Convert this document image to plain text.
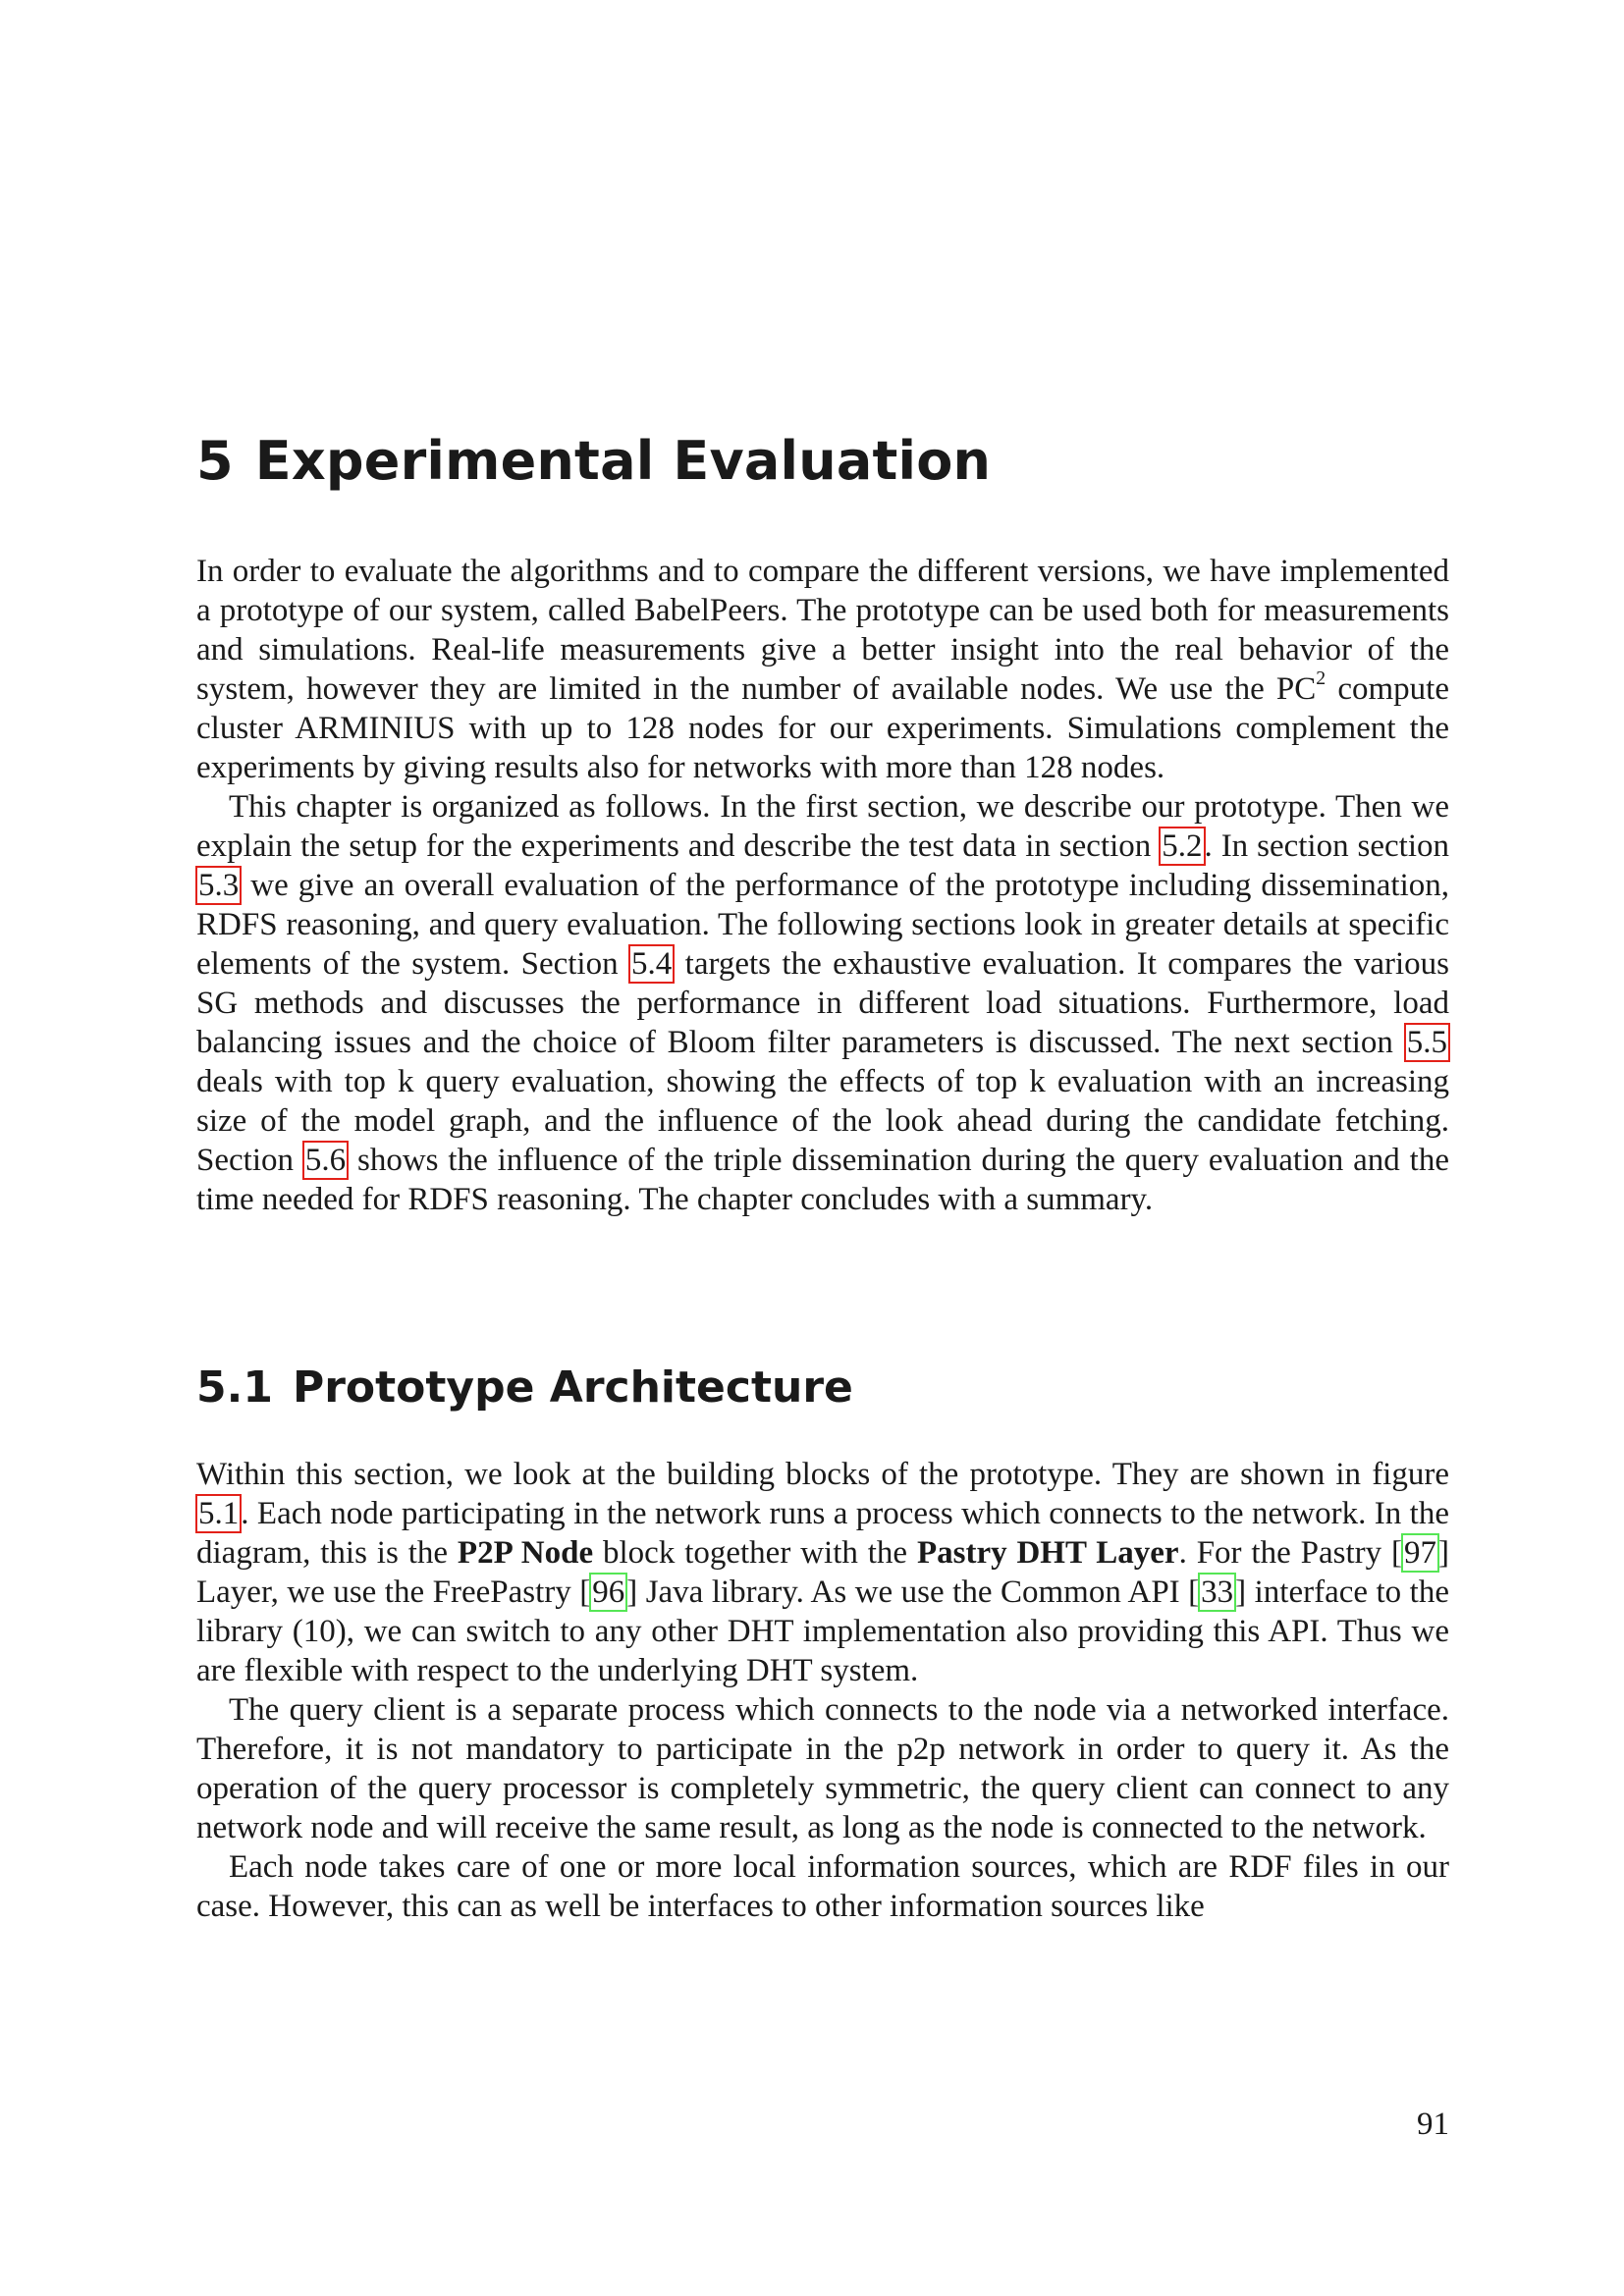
5 Experimental Evaluation

In order to evaluate the algorithms and to compare the different versions, we have implemented a prototype of our system, called BabelPeers. The prototype can be used both for measurements and simulations. Real-life measurements give a better insight into the real behavior of the system, however they are limited in the number of available nodes. We use the $PC^2$ compute cluster ARMINIUS with up to 128 nodes for our experiments. Simulations complement the experiments by giving results also for networks with more than 128 nodes.

This chapter is organized as follows. In the first section, we describe our prototype. Then we explain the setup for the experiments and describe the test data in section 5.2. In section section 5.3 we give an overall evaluation of the performance of the prototype including dissemination, RDFS reasoning, and query evaluation. The following sections look in greater details at specific elements of the system. Section 5.4 targets the exhaustive evaluation. It compares the various SG methods and discusses the performance in different load situations. Furthermore, load balancing issues and the choice of Bloom filter parameters is discussed. The next section 5.5 deals with top k query evaluation, showing the effects of top k evaluation with an increasing size of the model graph, and the influence of the look ahead during the candidate fetching. Section 5.6 shows the influence of the triple dissemination during the query evaluation and the time needed for RDFS reasoning. The chapter concludes with a summary.

5.1 Prototype Architecture

Within this section, we look at the building blocks of the prototype. They are shown in figure 5.1. Each node participating in the network runs a process which connects to the network. In the diagram, this is the P2P Node block together with the Pastry DHT Layer. For the Pastry [97] Layer, we use the FreePastry [96] Java library. As we use the Common API [33] interface to the library (10), we can switch to any other DHT implementation also providing this API. Thus we are flexible with respect to the underlying DHT system.

The query client is a separate process which connects to the node via a networked interface. Therefore, it is not mandatory to participate in the p2p network in order to query it. As the operation of the query processor is completely symmetric, the query client can connect to any network node and will receive the same result, as long as the node is connected to the network.

Each node takes care of one or more local information sources, which are RDF files in our case. However, this can as well be interfaces to other information sources like

91
